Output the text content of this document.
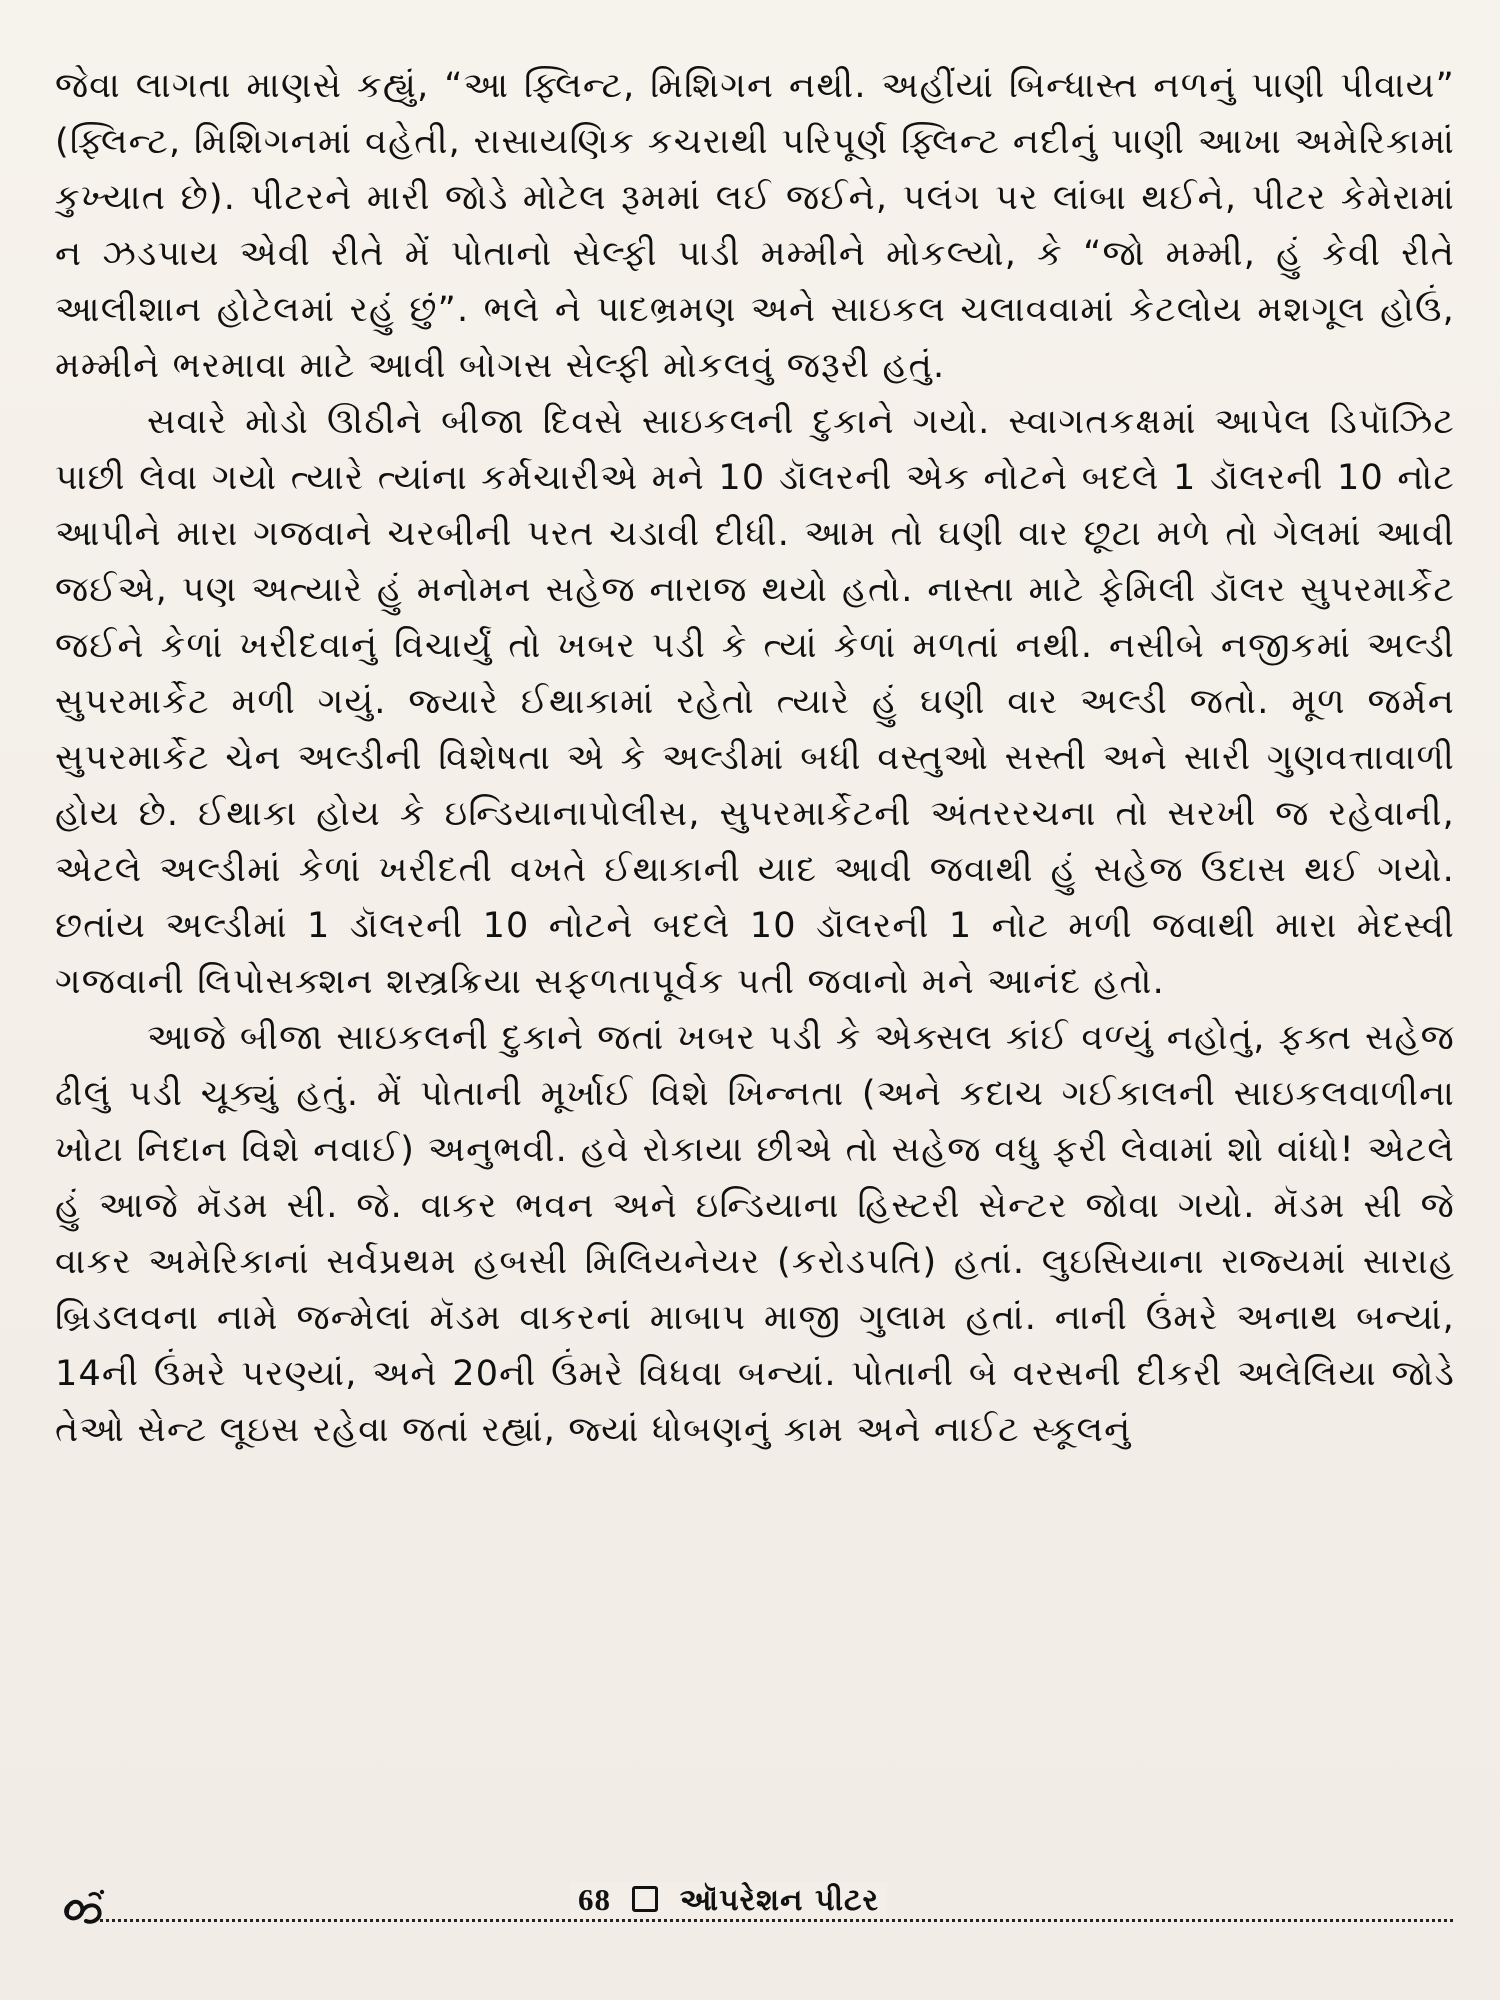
જેવા લાગતા માણસે કહ્યું, “આ ફ્લિન્ટ, મિશિગન નથી. અહીંયાં બિન્ધાસ્ત નળનું પાણી પીવાય” (ફ્લિન્ટ, મિશિગનમાં વહેતી, રાસાયણિક કચરાથી પરિપૂર્ણ ફ્લિન્ટ નદીનું પાણી આખા અમેરિકામાં કુખ્યાત છે). પીટરને મારી જોડે મોટેલ રૂમમાં લઈ જઈને, પલંગ પર લાંબા થઈને, પીટર કેમેરામાં ન ઝડપાય એવી રીતે મેં પોતાનો સેલ્ફી પાડી મમ્મીને મોકલ્યો, કે “જો મમ્મી, હું કેવી રીતે આલીશાન હોટેલમાં રહું છું”. ભલે ને પાદભ્રમણ અને સાઇકલ ચલાવવામાં કેટલોય મશગૂલ હોઉં, મમ્મીને ભરમાવા માટે આવી બોગસ સેલ્ફી મોકલવું જરૂરી હતું.

સવારે મોડો ઊઠીને બીજા દિવસે સાઇકલની દુકાને ગયો. સ્વાગતકક્ષમાં આપેલ ડિપૉઝિટ પાછી લેવા ગયો ત્યારે ત્યાંના કર્મચારીએ મને 10 ડૉલરની એક નોટને બદલે 1 ડૉલરની 10 નોટ આપીને મારા ગજવાને ચરબીની પરત ચડાવી દીધી. આમ તો ઘણી વાર છૂટા મળે તો ગેલમાં આવી જઈએ, પણ અત્યારે હું મનોમન સહેજ નારાજ થયો હતો. નાસ્તા માટે ફેમિલી ડૉલર સુપરમાર્કેટ જઈને કેળાં ખરીદવાનું વિચાર્યું તો ખબર પડી કે ત્યાં કેળાં મળતાં નથી. નસીબે નજીકમાં અલ્ડી સુપરમાર્કેટ મળી ગયું. જ્યારે ઈથાકામાં રહેતો ત્યારે હું ઘણી વાર અલ્ડી જતો. મૂળ જર્મન સુપરમાર્કેટ ચેન અલ્ડીની વિશેષતા એ કે અલ્ડીમાં બધી વસ્તુઓ સસ્તી અને સારી ગુણવત્તાવાળી હોય છે. ઈથાકા હોય કે ઇન્ડિયાનાપોલીસ, સુપરમાર્કેટની અંતરરચના તો સરખી જ રહેવાની, એટલે અલ્ડીમાં કેળાં ખરીદતી વખતે ઈથાકાની યાદ આવી જવાથી હું સહેજ ઉદાસ થઈ ગયો. છતાંય અલ્ડીમાં 1 ડૉલરની 10 નોટને બદલે 10 ડૉલરની 1 નોટ મળી જવાથી મારા મેદસ્વી ગજવાની લિપોસક્શન શસ્ત્રક્રિયા સફળતાપૂર્વક પતી જવાનો મને આનંદ હતો.

આજે બીજા સાઇકલની દુકાને જતાં ખબર પડી કે એક્સલ કાંઈ વળ્યું નહોતું, ફક્ત સહેજ ઢીલું પડી ચૂક્યું હતું. મેં પોતાની મૂર્ખાઈ વિશે ખિન્નતા (અને કદાચ ગઈકાલની સાઇકલવાળીના ખોટા નિદાન વિશે નવાઈ) અનુભવી. હવે રોકાયા છીએ તો સહેજ વધુ ફરી લેવામાં શો વાંધો! એટલે હું આજે મૅડમ સી. જે. વાકર ભવન અને ઇન્ડિયાના હિસ્ટરી સેન્ટર જોવા ગયો. મૅડમ સી જે વાકર અમેરિકાનાં સર્વપ્રથમ હબસી મિલિયનેયર (કરોડપતિ) હતાં. લુઇસિયાના રાજ્યમાં સારાહ બ્રિડલવના નામે જન્મેલાં મૅડમ વાકરનાં માબાપ માજી ગુલામ હતાં. નાની ઉંમરે અનાથ બન્યાં, 14ની ઉંમરે પરણ્યાં, અને 20ની ઉંમરે વિધવા બન્યાં. પોતાની બે વરસની દીકરી અલેલિયા જોડે તેઓ સેન્ટ લૂઇસ રહેવા જતાં રહ્યાં, જ્યાં ધોબણનું કામ અને નાઈટ સ્કૂલનું

68 ઑપરેશન પીટર
